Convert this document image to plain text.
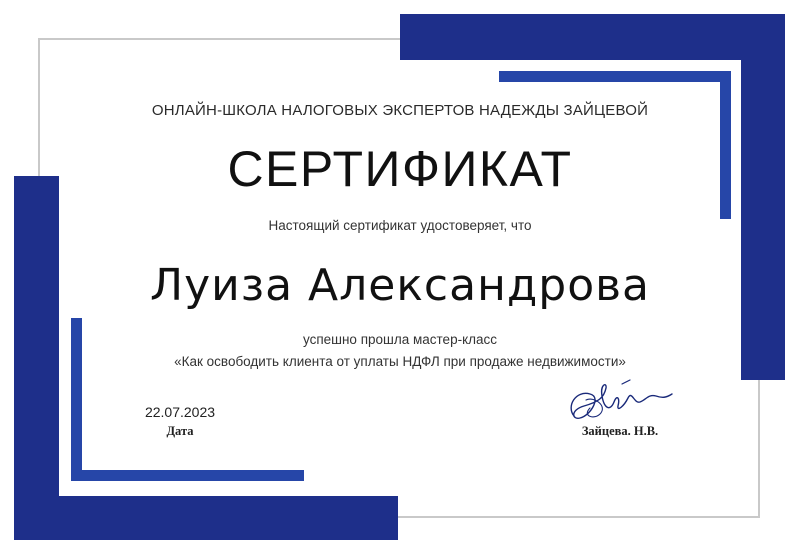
ОНЛАЙН-ШКОЛА НАЛОГОВЫХ ЭКСПЕРТОВ НАДЕЖДЫ ЗАЙЦЕВОЙ
СЕРТИФИКАТ
Настоящий сертификат удостоверяет, что
Луиза Александрова
успешно прошла мастер-класс
«Как освободить клиента от уплаты НДФЛ при продаже недвижимости»
22.07.2023
Дата	Зайцева. Н.В.
